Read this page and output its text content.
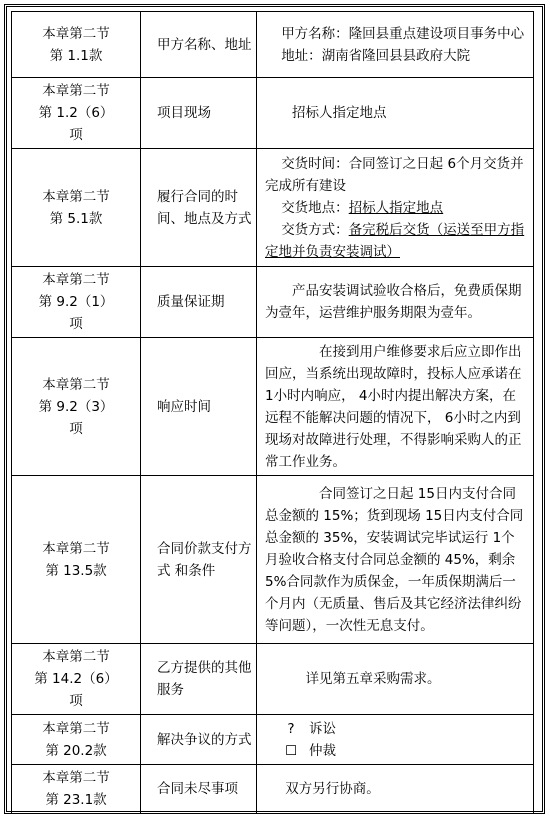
本章第二节
第 1.1款	甲方名称、地址	甲方名称：隆回县重点建设项目事务中心
地址：湖南省隆回县县政府大院

本章第二节
第 1.2（6）
项	项目现场	招标人指定地点

本章第二节
第 5.1款	履行合同的时间、地点及方式	交货时间：合同签订之日起 6个月交货并完成所有建设
交货地点：招标人指定地点
交货方式：备完税后交货（运送至甲方指定地并负责安装调试）

本章第二节
第 9.2（1）
项	质量保证期	产品安装调试验收合格后，免费质保期为壹年，运营维护服务期限为壹年。

本章第二节
第 9.2（3）
项	响应时间	在接到用户维修要求后应立即作出回应，当系统出现故障时，投标人应承诺在 1小时内响应， 4小时内提出解决方案，在远程不能解决问题的情况下， 6小时之内到现场对故障进行处理，不得影响采购人的正常工作业务。

本章第二节
第 13.5款	合同价款支付方式 和条件	合同签订之日起 15日内支付合同总金额的 15%；货到现场 15日内支付合同总金额的 35%，安装调试完毕试运行 1个月验收合格支付合同总金额的 45%，剩余 5%合同款作为质保金，一年质保期满后一个月内（无质量、售后及其它经济法律纠纷等问题），一次性无息支付。

本章第二节
第 14.2（6）
项	乙方提供的其他服务	详见第五章采购需求。

本章第二节
第 20.2款	解决争议的方式	? 诉讼
☐ 仲裁

本章第二节
第 23.1款	合同未尽事项	双方另行协商。
